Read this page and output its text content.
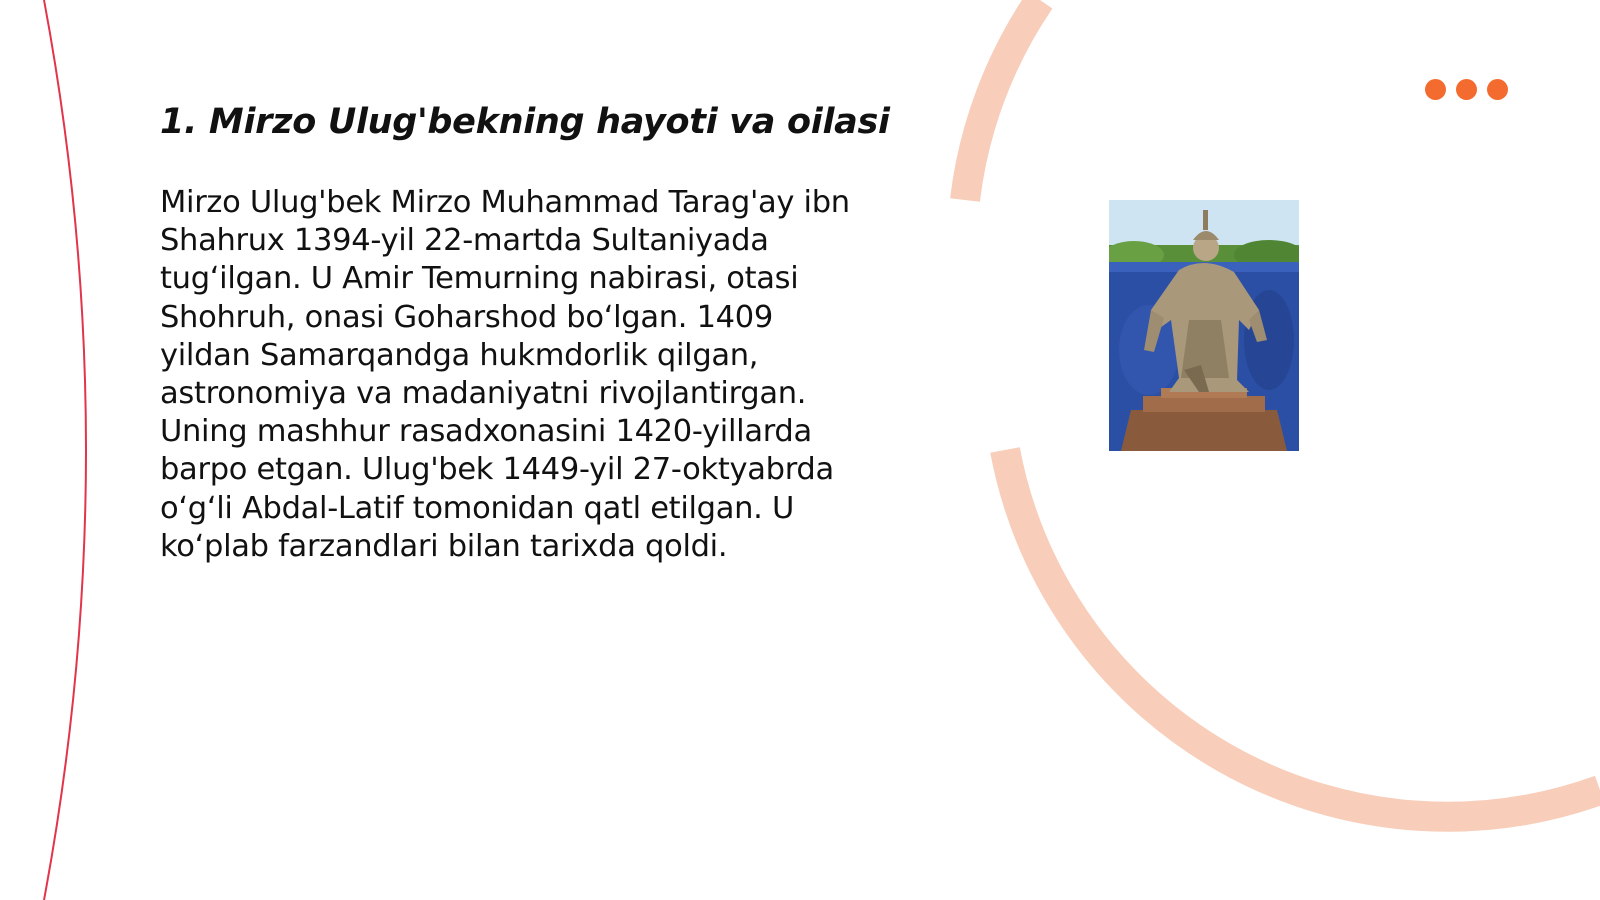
1. Mirzo Ulug'bekning hayoti va oilasi

Mirzo Ulug'bek Mirzo Muhammad Tarag'ay ibn Shahrux 1394-yil 22-martda Sultaniyada tug‘ilgan. U Amir Temurning nabirasi, otasi Shohruh, onasi Goharshod bo‘lgan. 1409 yildan Samarqandga hukmdorlik qilgan, astronomiya va madaniyatni rivojlantirgan. Uning mashhur rasadxonasini 1420-yillarda barpo etgan. Ulug'bek 1449-yil 27-oktyabrda o‘g‘li Abdal-Latif tomonidan qatl etilgan. U ko‘plab farzandlari bilan tarixda qoldi.
